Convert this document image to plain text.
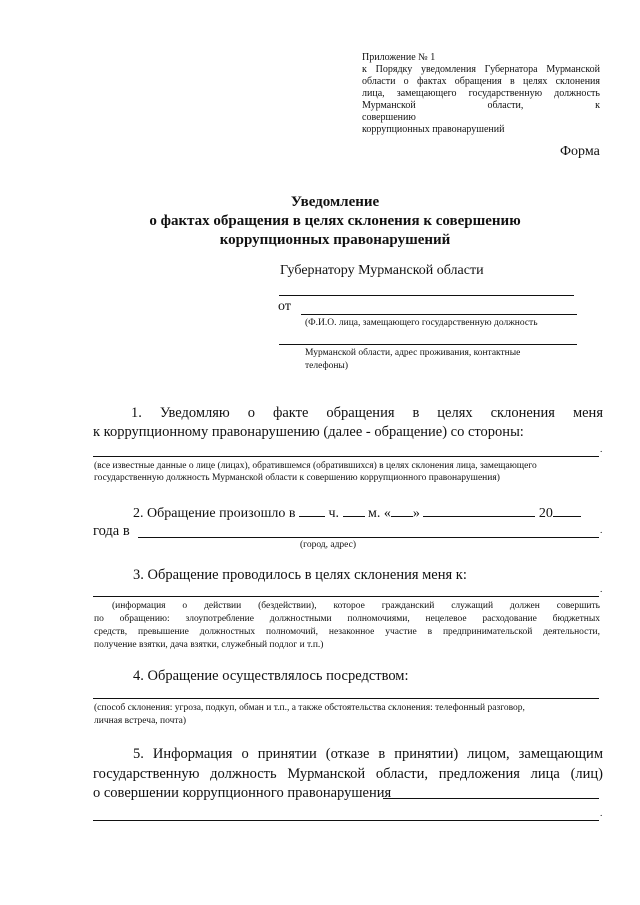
Приложение № 1
к Порядку уведомления Губернатора Мурманской
области о фактах обращения в целях склонения
лица, замещающего государственную должность
Мурманской области, к совершению
коррупционных правонарушений
Форма
Уведомление
о фактах обращения в целях склонения к совершению
коррупционных правонарушений
Губернатору Мурманской области
от
(Ф.И.О. лица, замещающего государственную должность
Мурманской области, адрес проживания, контактные
телефоны)
1. Уведомляю о факте обращения в целях склонения меня
к коррупционному правонарушению (далее - обращение) со стороны:
.
(все известные данные о лице (лицах), обратившемся (обратившихся) в целях склонения лица, замещающего
государственную должность Мурманской области к совершению коррупционного правонарушения)
2. Обращение произошло в ч. м. « »	20
года в	.
(город, адрес)
3. Обращение проводилось в целях склонения меня к:
.
(информация о действии (бездействии), которое гражданский служащий должен совершить
по обращению: злоупотребление должностными полномочиями, нецелевое расходование бюджетных
средств, превышение должностных полномочий, незаконное участие в предпринимательской деятельности,
получение взятки, дача взятки, служебный подлог и т.п.)
4. Обращение осуществлялось посредством:
(способ склонения: угроза, подкуп, обман и т.п., а также обстоятельства склонения: телефонный разговор,
личная встреча, почта)
5. Информация о принятии (отказе в принятии) лицом, замещающим
государственную должность Мурманской области, предложения лица (лиц)
о совершении коррупционного правонарушения
.
